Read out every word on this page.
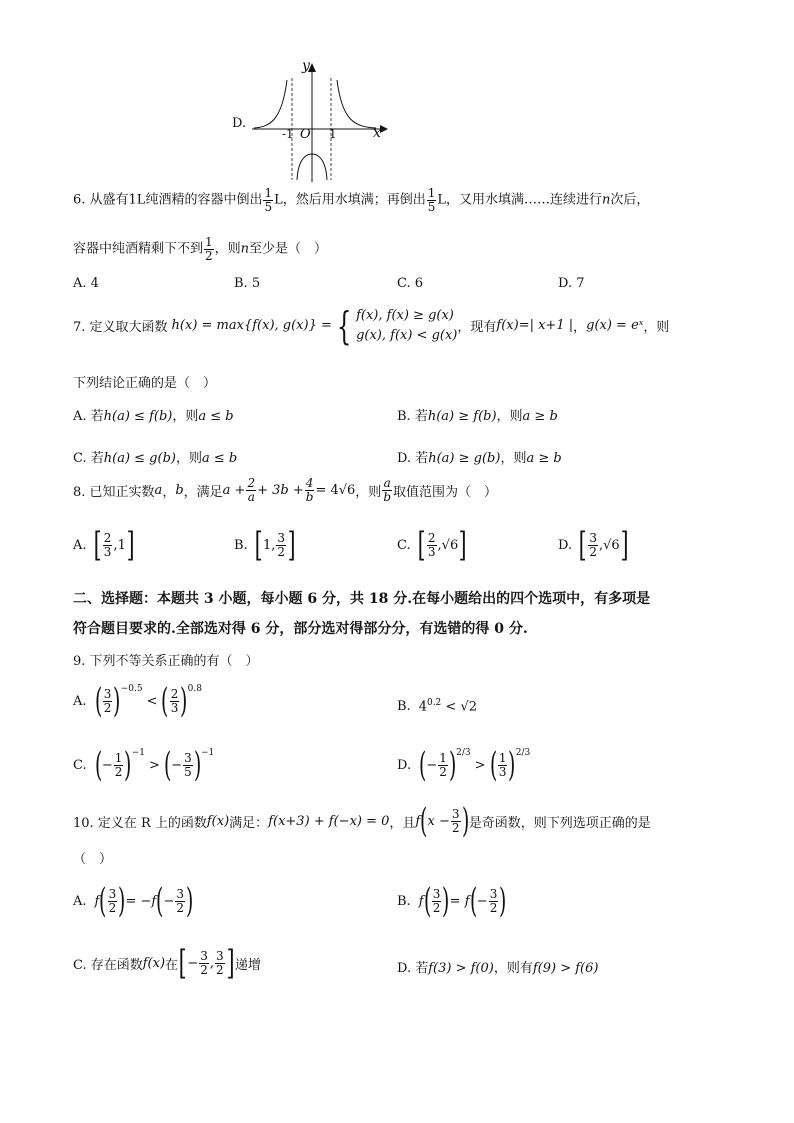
D.
y
x
O
-1	1
6. 从盛有1L纯酒精的容器中倒出 $\frac{1}{5}$ L，然后用水填满；再倒出 $\frac{1}{5}$ L，又用水填满……连续进行n次后，
容器中纯酒精剩下不到 $\frac{1}{2}$ ，则n至少是（　）
A. 4	B. 5	C. 6	D. 7
7. 定义取大函数 h(x) = max{f(x), g(x)} = { f(x), f(x) ≥ g(x)
g(x), f(x) < g(x) ，现有 f(x)=| x+1 | ， g(x) = eˣ ，则
下列结论正确的是（　）
A. 若h(a) ≤ f(b)，则a ≤ b	B. 若h(a) ≥ f(b)，则a ≥ b
C. 若h(a) ≤ g(b)，则a ≤ b	D. 若h(a) ≥ g(b)，则a ≥ b
8. 已知正实数 a ， b ，满足 $a + \frac{2}{a} + 3b + \frac{4}{b} = 4√6$ ，则 $\frac{a}{b}$ 取值范围为（　）
A. [ $\frac{2}{3} ,1$ ]	B. [ 1, $\frac{3}{2}$ ]	C. [ $\frac{2}{3} ,√6$ ]	D. [ $\frac{3}{2} ,√6$ ]
二、选择题：本题共 3 小题，每小题 6 分，共 18 分.在每小题给出的四个选项中，有多项是
符合题目要求的.全部选对得 6 分，部分选对得部分分，有选错的得 0 分.
9. 下列不等关系正确的有（　）
A. ( $\frac{3}{2} )^{-0.5}$
< ( $\frac{2}{3} )^{0.8}$
B. $4^{0.2} < √2$
C. ( − $\frac{1}{2} )^{-1}$
> ( − $\frac{3}{5} )^{-1}$
D. ( − $\frac{1}{2} )^{2/3}$
> ( $\frac{1}{3} )^{2/3}$
10. 定义在 R 上的函数 f(x) 满足： f(x+3) + f(−x) = 0 ，且 f ( $x - \frac{3}{2}$ ) 是奇函数，则下列选项正确的是
（　）
A. f ( $\frac{3}{2}$ ) = −f ( − $\frac{3}{2}$ )	B. f ( $\frac{3}{2}$ ) = f ( − $\frac{3}{2}$ )
C. 存在函数 f(x) 在 [ − $\frac{3}{2}$ , $\frac{3}{2}$ ] 递增	D. 若f(3) > f(0)，则有f(9) > f(6)
